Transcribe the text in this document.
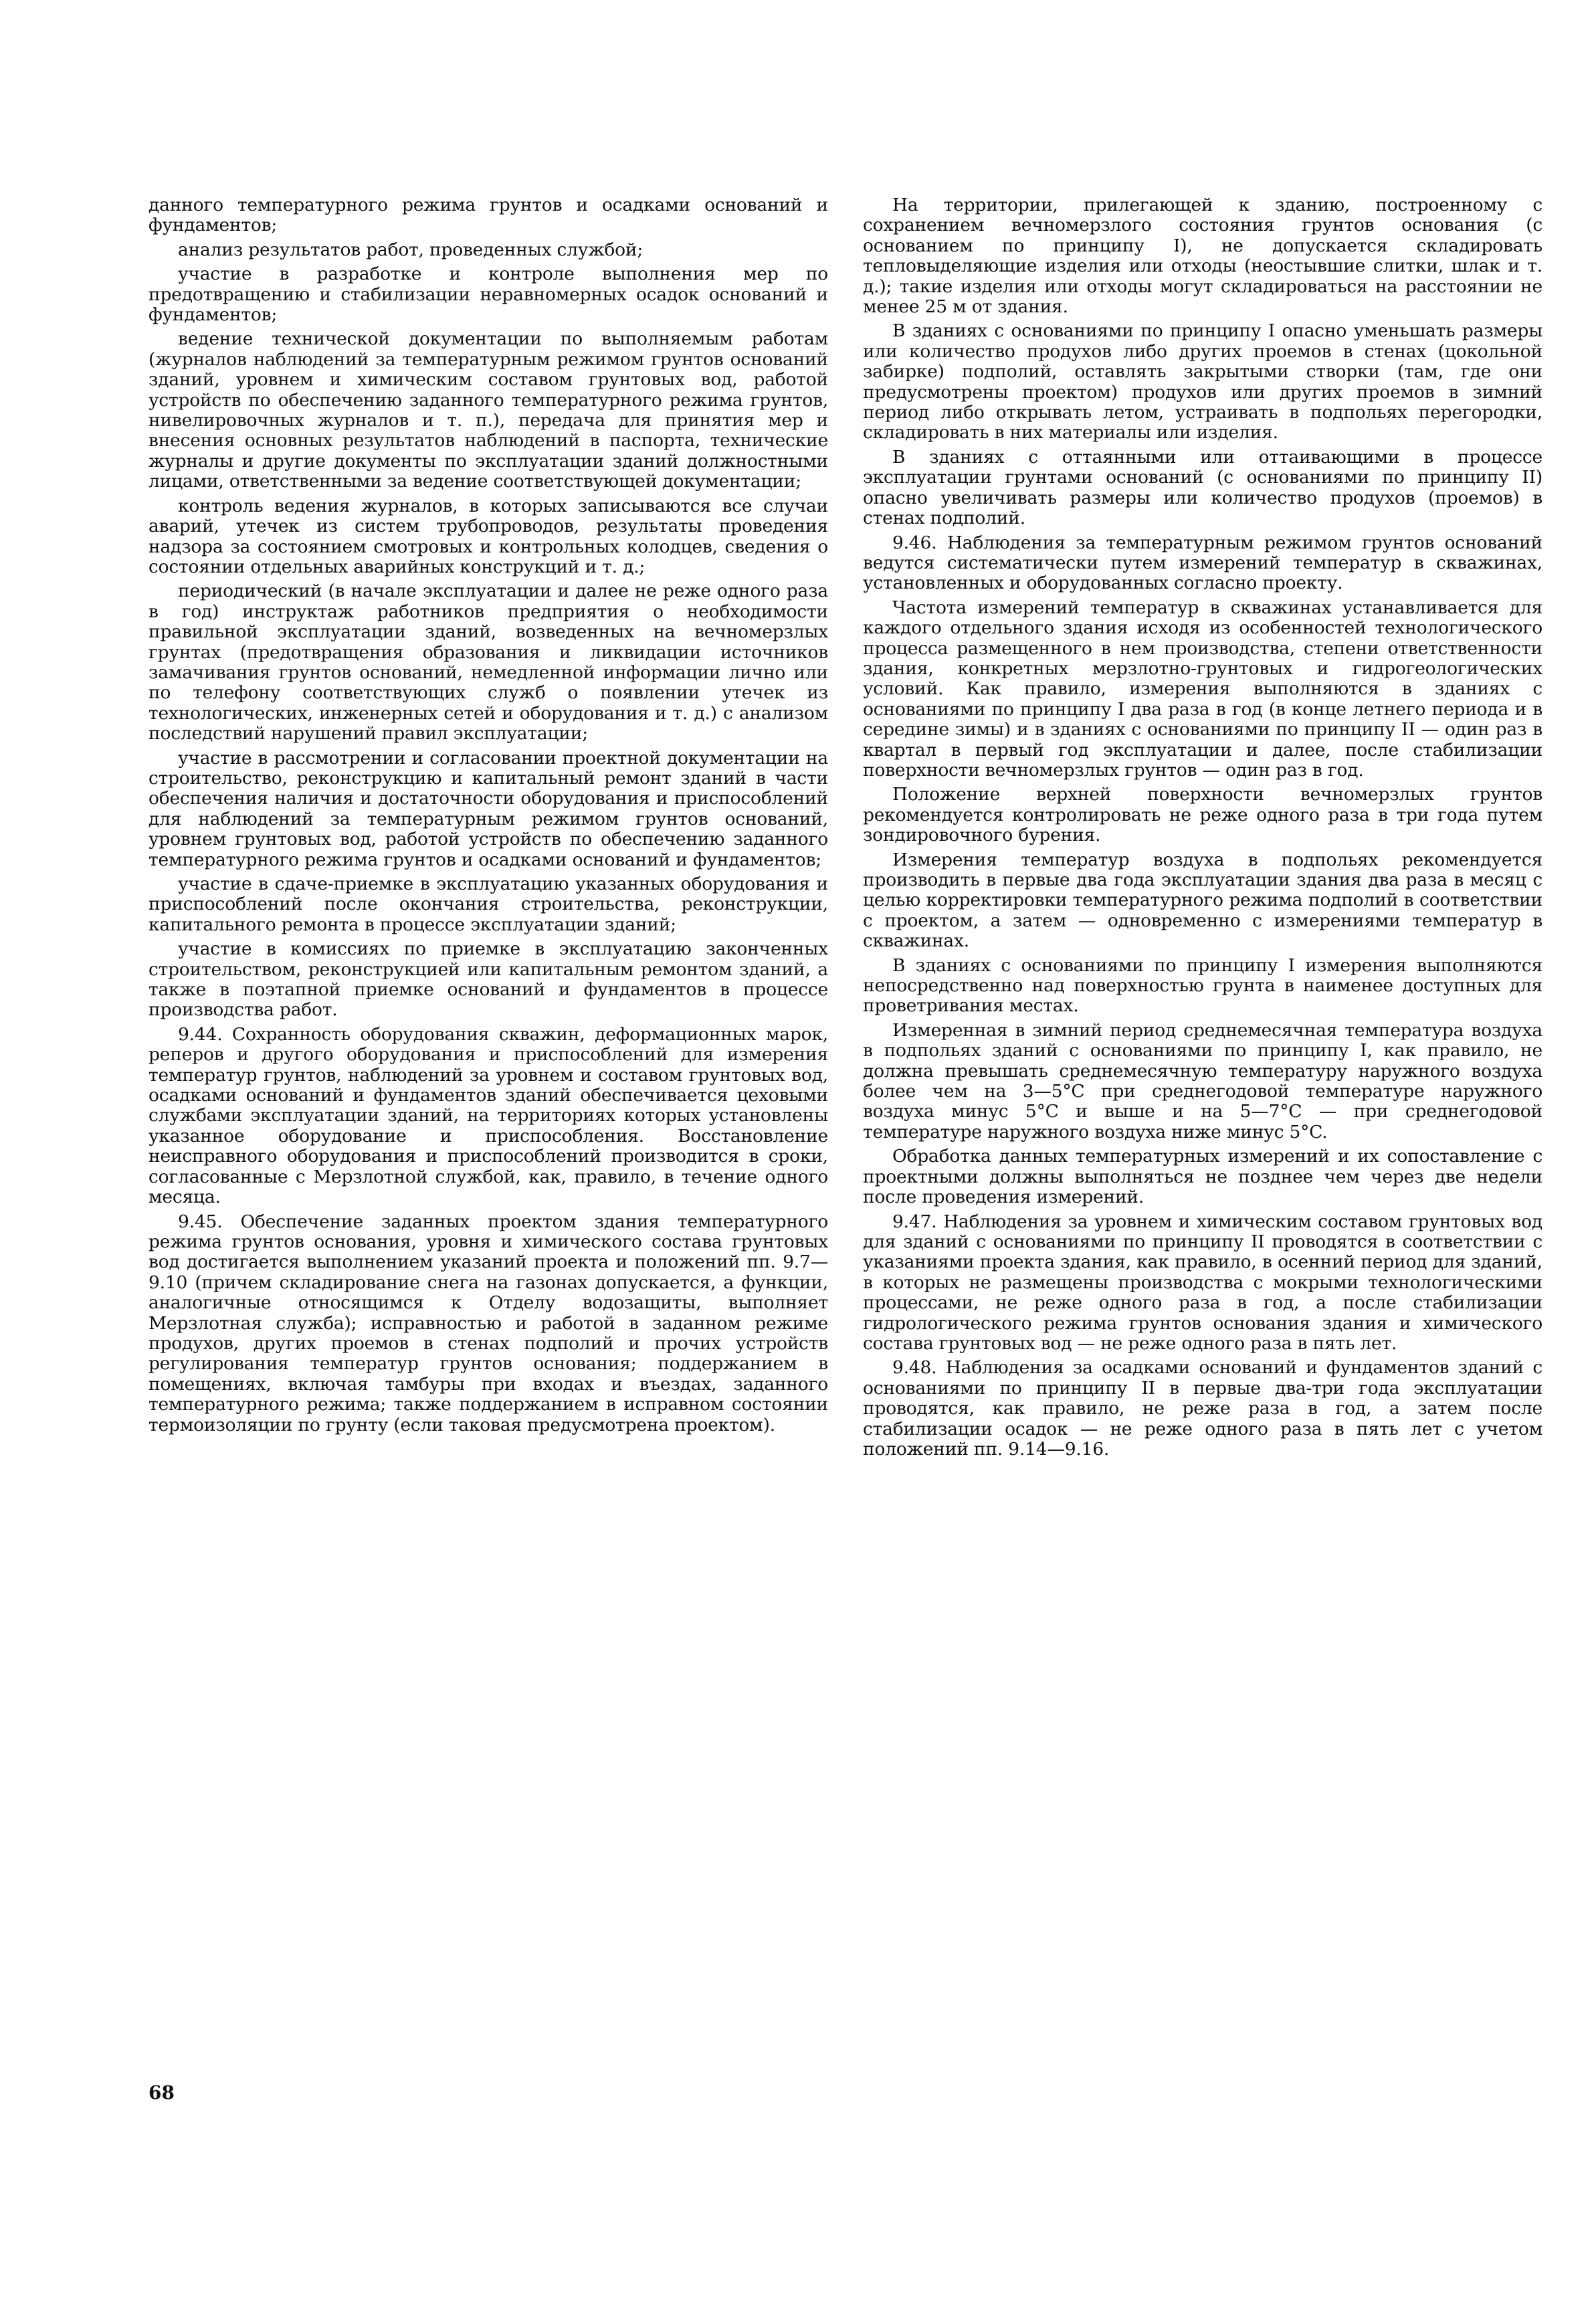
данного температурного режима грунтов и осадками оснований и фундаментов;

анализ результатов работ, проведенных службой;

участие в разработке и контроле выполнения мер по предотвращению и стабилизации неравномерных осадок оснований и фундаментов;

ведение технической документации по выполняемым работам (журналов наблюдений за температурным режимом грунтов оснований зданий, уровнем и химическим составом грунтовых вод, работой устройств по обеспечению заданного температурного режима грунтов, нивелировочных журналов и т. п.), передача для принятия мер и внесения основных результатов наблюдений в паспорта, технические журналы и другие документы по эксплуатации зданий должностными лицами, ответственными за ведение соответствующей документации;

контроль ведения журналов, в которых записываются все случаи аварий, утечек из систем трубопроводов, результаты проведения надзора за состоянием смотровых и контрольных колодцев, сведения о состоянии отдельных аварийных конструкций и т. д.;

периодический (в начале эксплуатации и далее не реже одного раза в год) инструктаж работников предприятия о необходимости правильной эксплуатации зданий, возведенных на вечномерзлых грунтах (предотвращения образования и ликвидации источников замачивания грунтов оснований, немедленной информации лично или по телефону соответствующих служб о появлении утечек из технологических, инженерных сетей и оборудования и т. д.) с анализом последствий нарушений правил эксплуатации;

участие в рассмотрении и согласовании проектной документации на строительство, реконструкцию и капитальный ремонт зданий в части обеспечения наличия и достаточности оборудования и приспособлений для наблюдений за температурным режимом грунтов оснований, уровнем грунтовых вод, работой устройств по обеспечению заданного температурного режима грунтов и осадками оснований и фундаментов;

участие в сдаче-приемке в эксплуатацию указанных оборудования и приспособлений после окончания строительства, реконструкции, капитального ремонта в процессе эксплуатации зданий;

участие в комиссиях по приемке в эксплуатацию законченных строительством, реконструкцией или капитальным ремонтом зданий, а также в поэтапной приемке оснований и фундаментов в процессе производства работ.

9.44. Сохранность оборудования скважин, деформационных марок, реперов и другого оборудования и приспособлений для измерения температур грунтов, наблюдений за уровнем и составом грунтовых вод, осадками оснований и фундаментов зданий обеспечивается цеховыми службами эксплуатации зданий, на территориях которых установлены указанное оборудование и приспособления. Восстановление неисправного оборудования и приспособлений производится в сроки, согласованные с Мерзлотной службой, как, правило, в течение одного месяца.

9.45. Обеспечение заданных проектом здания температурного режима грунтов основания, уровня и химического состава грунтовых вод достигается выполнением указаний проекта и положений пп. 9.7—9.10 (причем складирование снега на газонах допускается, а функции, аналогичные относящимся к Отделу водозащиты, выполняет Мерзлотная служба); исправностью и работой в заданном режиме продухов, других проемов в стенах подполий и прочих устройств регулирования температур грунтов основания; поддержанием в помещениях, включая тамбуры при входах и въездах, заданного температурного режима; также поддержанием в исправном состоянии термоизоляции по грунту (если таковая предусмотрена проектом).

На территории, прилегающей к зданию, построенному с сохранением вечномерзлого состояния грунтов основания (с основанием по принципу I), не допускается складировать тепловыделяющие изделия или отходы (неостывшие слитки, шлак и т. д.); такие изделия или отходы могут складироваться на расстоянии не менее 25 м от здания.

В зданиях с основаниями по принципу I опасно уменьшать размеры или количество продухов либо других проемов в стенах (цокольной забирке) подполий, оставлять закрытыми створки (там, где они предусмотрены проектом) продухов или других проемов в зимний период либо открывать летом, устраивать в подпольях перегородки, складировать в них материалы или изделия.

В зданиях с оттаянными или оттаивающими в процессе эксплуатации грунтами оснований (с основаниями по принципу II) опасно увеличивать размеры или количество продухов (проемов) в стенах подполий.

9.46. Наблюдения за температурным режимом грунтов оснований ведутся систематически путем измерений температур в скважинах, установленных и оборудованных согласно проекту.

Частота измерений температур в скважинах устанавливается для каждого отдельного здания исходя из особенностей технологического процесса размещенного в нем производства, степени ответственности здания, конкретных мерзлотно-грунтовых и гидрогеологических условий. Как правило, измерения выполняются в зданиях с основаниями по принципу I два раза в год (в конце летнего периода и в середине зимы) и в зданиях с основаниями по принципу II — один раз в квартал в первый год эксплуатации и далее, после стабилизации поверхности вечномерзлых грунтов — один раз в год.

Положение верхней поверхности вечномерзлых грунтов рекомендуется контролировать не реже одного раза в три года путем зондировочного бурения.

Измерения температур воздуха в подпольях рекомендуется производить в первые два года эксплуатации здания два раза в месяц с целью корректировки температурного режима подполий в соответствии с проектом, а затем — одновременно с измерениями температур в скважинах.

В зданиях с основаниями по принципу I измерения выполняются непосредственно над поверхностью грунта в наименее доступных для проветривания местах.

Измеренная в зимний период среднемесячная температура воздуха в подпольях зданий с основаниями по принципу I, как правило, не должна превышать среднемесячную температуру наружного воздуха более чем на 3—5°C при среднегодовой температуре наружного воздуха минус 5°C и выше и на 5—7°C — при среднегодовой температуре наружного воздуха ниже минус 5°C.

Обработка данных температурных измерений и их сопоставление с проектными должны выполняться не позднее чем через две недели после проведения измерений.

9.47. Наблюдения за уровнем и химическим составом грунтовых вод для зданий с основаниями по принципу II проводятся в соответствии с указаниями проекта здания, как правило, в осенний период для зданий, в которых не размещены производства с мокрыми технологическими процессами, не реже одного раза в год, а после стабилизации гидрологического режима грунтов основания здания и химического состава грунтовых вод — не реже одного раза в пять лет.

9.48. Наблюдения за осадками оснований и фундаментов зданий с основаниями по принципу II в первые два-три года эксплуатации проводятся, как правило, не реже раза в год, а затем после стабилизации осадок — не реже одного раза в пять лет с учетом положений пп. 9.14—9.16.

68
